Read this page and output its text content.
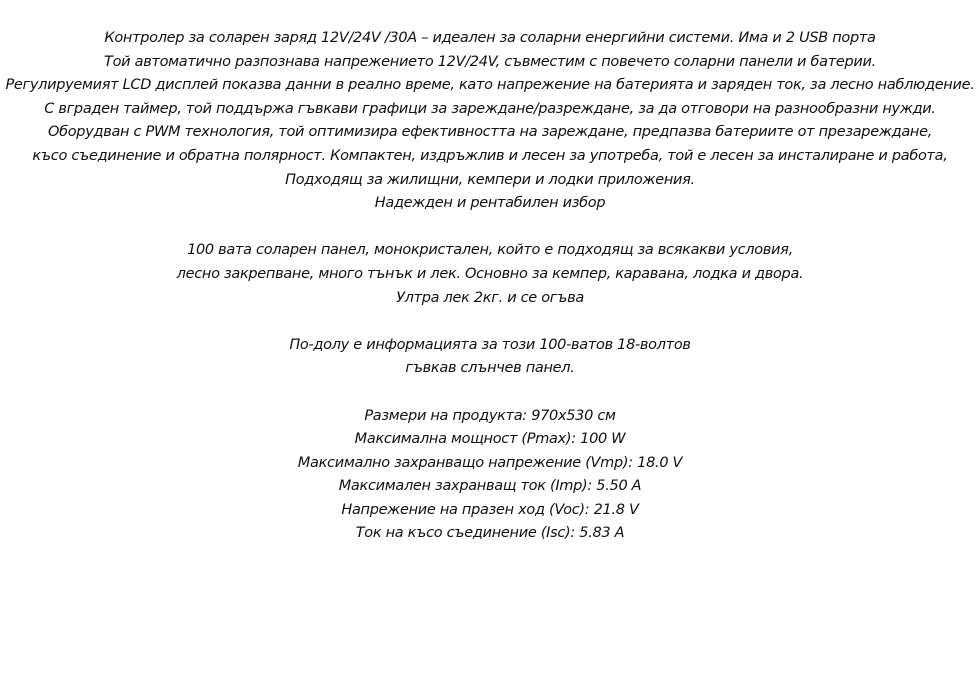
Контролер за соларен заряд 12V/24V /30A – идеален за соларни енергийни системи. Има и 2 USB порта
Той автоматично разпознава напрежението 12V/24V, съвместим с повечето соларни панели и батерии.
Регулируемият LCD дисплей показва данни в реално време, като напрежение на батерията и заряден ток, за лесно наблюдение.
С вграден таймер, той поддържа гъвкави графици за зареждане/разреждане, за да отговори на разнообразни нужди.
Оборудван с PWM технология, той оптимизира ефективността на зареждане, предпазва батериите от презареждане,
късо съединение и обратна полярност. Компактен, издръжлив и лесен за употреба, той е лесен за инсталиране и работа,
Подходящ за жилищни, кемпери и лодки приложения.
Надежден и рентабилен избор
100 вата соларен панел, монокристален, който е подходящ за всякакви условия,
лесно закрепване, много тънък и лек. Основно за кемпер, каравана, лодка и двора.
Ултра лек 2кг. и се огъва
По-долу е информацията за този 100-ватов 18-волтов
гъвкав слънчев панел.
Размери на продукта: 970x530 см
Максимална мощност (Pmax): 100 W
Максимално захранващо напрежение (Vmp): 18.0 V
Максимален захранващ ток (Imp): 5.50 A
Напрежение на празен ход (Voc): 21.8 V
Ток на късо съединение (Isc): 5.83 A
